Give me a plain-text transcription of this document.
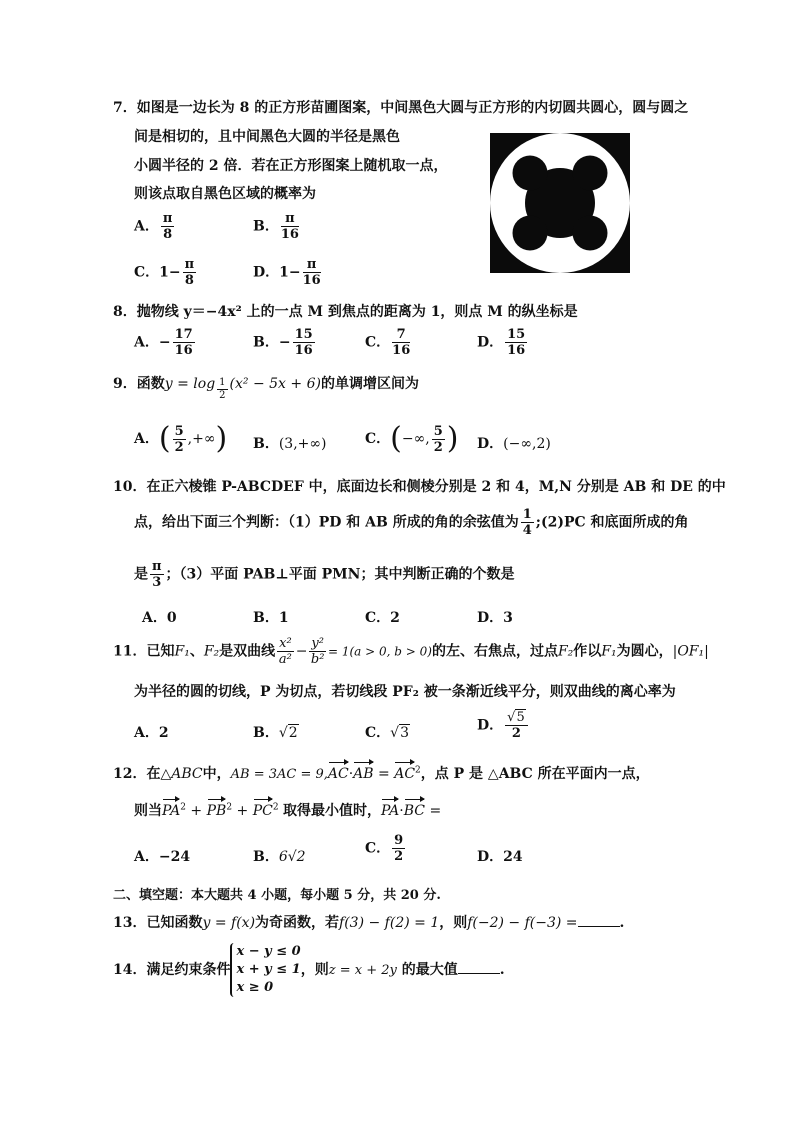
7．如图是一边长为 8 的正方形苗圃图案，中间黑色大圆与正方形的内切圆共圆心，圆与圆之
间是相切的，且中间黑色大圆的半径是黑色
小圆半径的 2 倍．若在正方形图案上随机取一点，
则该点取自黑色区域的概率为
A． $\frac{\pi}{8}$	B． $\frac{\pi}{16}$
C．$1- \frac{\pi}{8}$	D．$1- \frac{\pi}{16}$
8．抛物线 y＝−4x² 上的一点 M 到焦点的距离为 1，则点 M 的纵坐标是
A．− $\frac{17}{16}$	B．− $\frac{15}{16}$	C． $\frac{7}{16}$	D． $\frac{15}{16}$
9．函数$y = \log \frac{1}{2} (x^2 - 5x + 6)$的单调增区间为
A．( $\frac{5}{2}$ ,+∞) B．(3,+∞)	C．(−∞, $\frac{5}{2}$ ) D．(−∞,2)
10．在正六棱锥 P-ABCDEF 中，底面边长和侧棱分别是 2 和 4，M,N 分别是 AB 和 DE 的中
点，给出下面三个判断：（1）PD 和 AB 所成的角的余弦值为 $\frac{1}{4}$ ;(2)PC 和底面所成的角
是 $\frac{\pi}{3}$ ；（3）平面 PAB⊥平面 PMN；其中判断正确的个数是
A．0	B．1	C．2	D．3
11．已知F₁、F₂是双曲线 $\frac{\text{x²}}{\text{a²}} - \frac{\text{y²}}{\text{b²}} = 1(a > 0$, b > 0)的左、右焦点，过点F₂作以F₁为圆心，|OF₁|
为半径的圆的切线，P 为切点，若切线段 PF₂ 被一条渐近线平分，则双曲线的离心率为
A．2	B．√2	C．√3	D． $\frac{√5}{2}$
12．在△ABC中，AB = $3AC = 9,AC\cdot AB = AC^2$，点 P 是 △ABC 所在平面内一点，
则当$PA^2 + PB^2 + PC^2$ 取得最小值时，PA·BC =
A．−24	B．6√2
C． $\frac{9}{2}$	D．24
二、填空题：本大题共 4 小题，每小题 5 分，共 20 分.
13．已知函数y = f(x)为奇函数，若f(3) − f(2) = 1，则f(−2) − f(−3) =	.
14．满足约束条件
x − y ≤ 0
x + y ≤ 1
x ≥ 0
，则z = x + 2y 的最大值	.
